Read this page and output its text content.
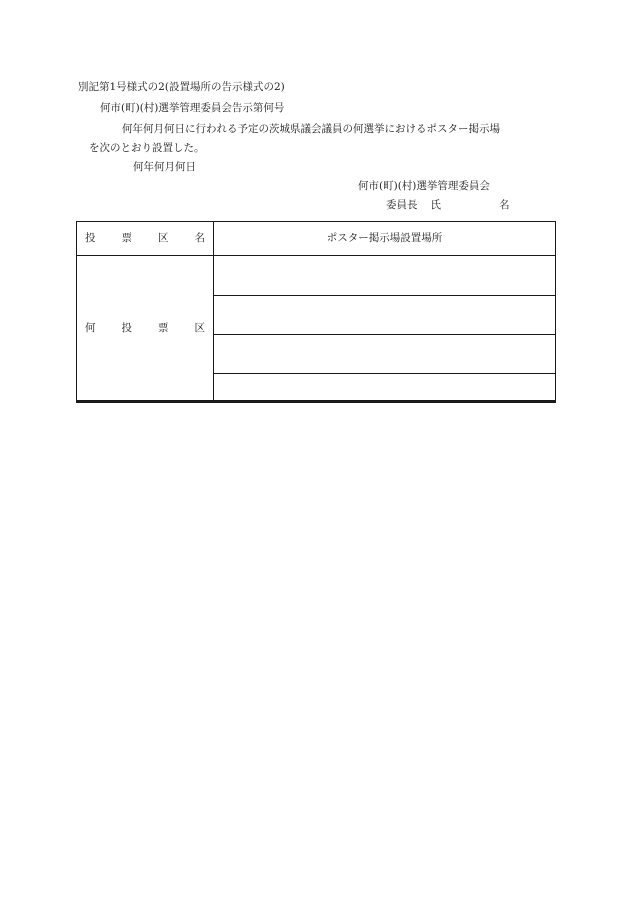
別記第1号様式の2(設置場所の告示様式の2)
何市(町)(村)選挙管理委員会告示第何号
何年何月何日に行われる予定の茨城県議会議員の何選挙におけるポスター掲示場
を次のとおり設置した。
何年何月何日
何市(町)(村)選挙管理委員会
委員長 氏	名
投 票 区 名	ポスター掲示場設置場所
何 投 票 区
